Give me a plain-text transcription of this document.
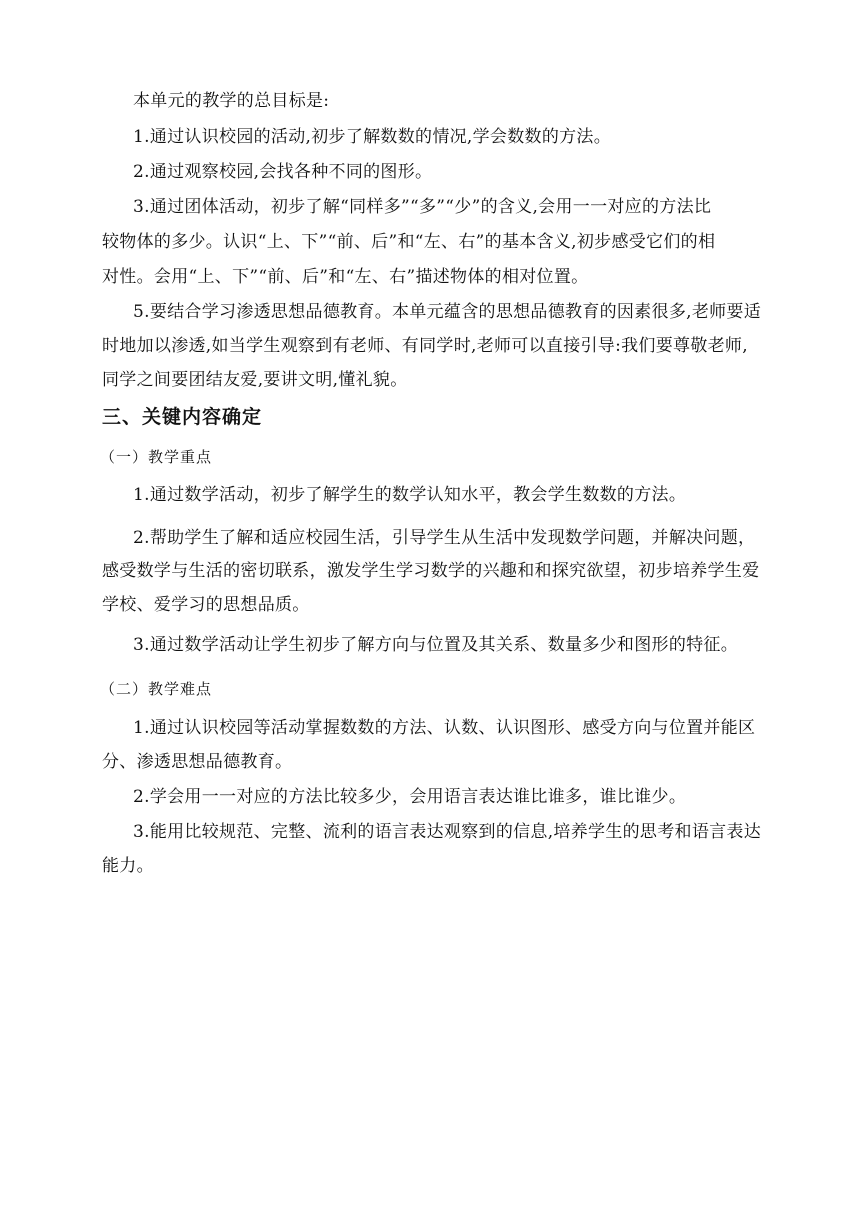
本单元的教学的总目标是:
1.通过认识校园的活动,初步了解数数的情况,学会数数的方法。
2.通过观察校园,会找各种不同的图形。
3.通过团体活动，初步了解“同样多”“多”“少”的含义,会用一一对应的方法比
较物体的多少。认识“上、下”“前、后”和“左、右”的基本含义,初步感受它们的相
对性。会用“上、下”“前、后”和“左、右”描述物体的相对位置。
5.要结合学习渗透思想品德教育。本单元蕴含的思想品德教育的因素很多,老师要适
时地加以渗透,如当学生观察到有老师、有同学时,老师可以直接引导:我们要尊敬老师,
同学之间要团结友爱,要讲文明,懂礼貌。
三、关键内容确定
（一）教学重点
1.通过数学活动，初步了解学生的数学认知水平，教会学生数数的方法。
2.帮助学生了解和适应校园生活，引导学生从生活中发现数学问题，并解决问题，
感受数学与生活的密切联系，激发学生学习数学的兴趣和和探究欲望，初步培养学生爱
学校、爱学习的思想品质。
3.通过数学活动让学生初步了解方向与位置及其关系、数量多少和图形的特征。
（二）教学难点
1.通过认识校园等活动掌握数数的方法、认数、认识图形、感受方向与位置并能区
分、渗透思想品德教育。
2.学会用一一对应的方法比较多少，会用语言表达谁比谁多，谁比谁少。
3.能用比较规范、完整、流利的语言表达观察到的信息,培养学生的思考和语言表达
能力。
